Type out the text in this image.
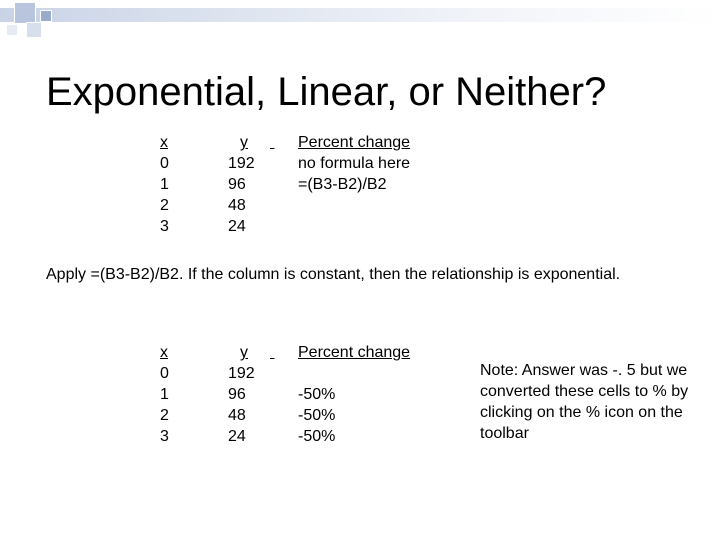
Exponential, Linear, or Neither?
x
0
1
2
3
y
192
96
48
24

Percent change
no formula here
=(B3-B2)/B2
Apply =(B3-B2)/B2. If the column is constant, then the relationship is exponential.
x
0
1
2
3
y
192
96
48
24

Percent change

-50%
-50%
-50%
Note: Answer was -. 5 but we converted these cells to % by clicking on the % icon on the toolbar
